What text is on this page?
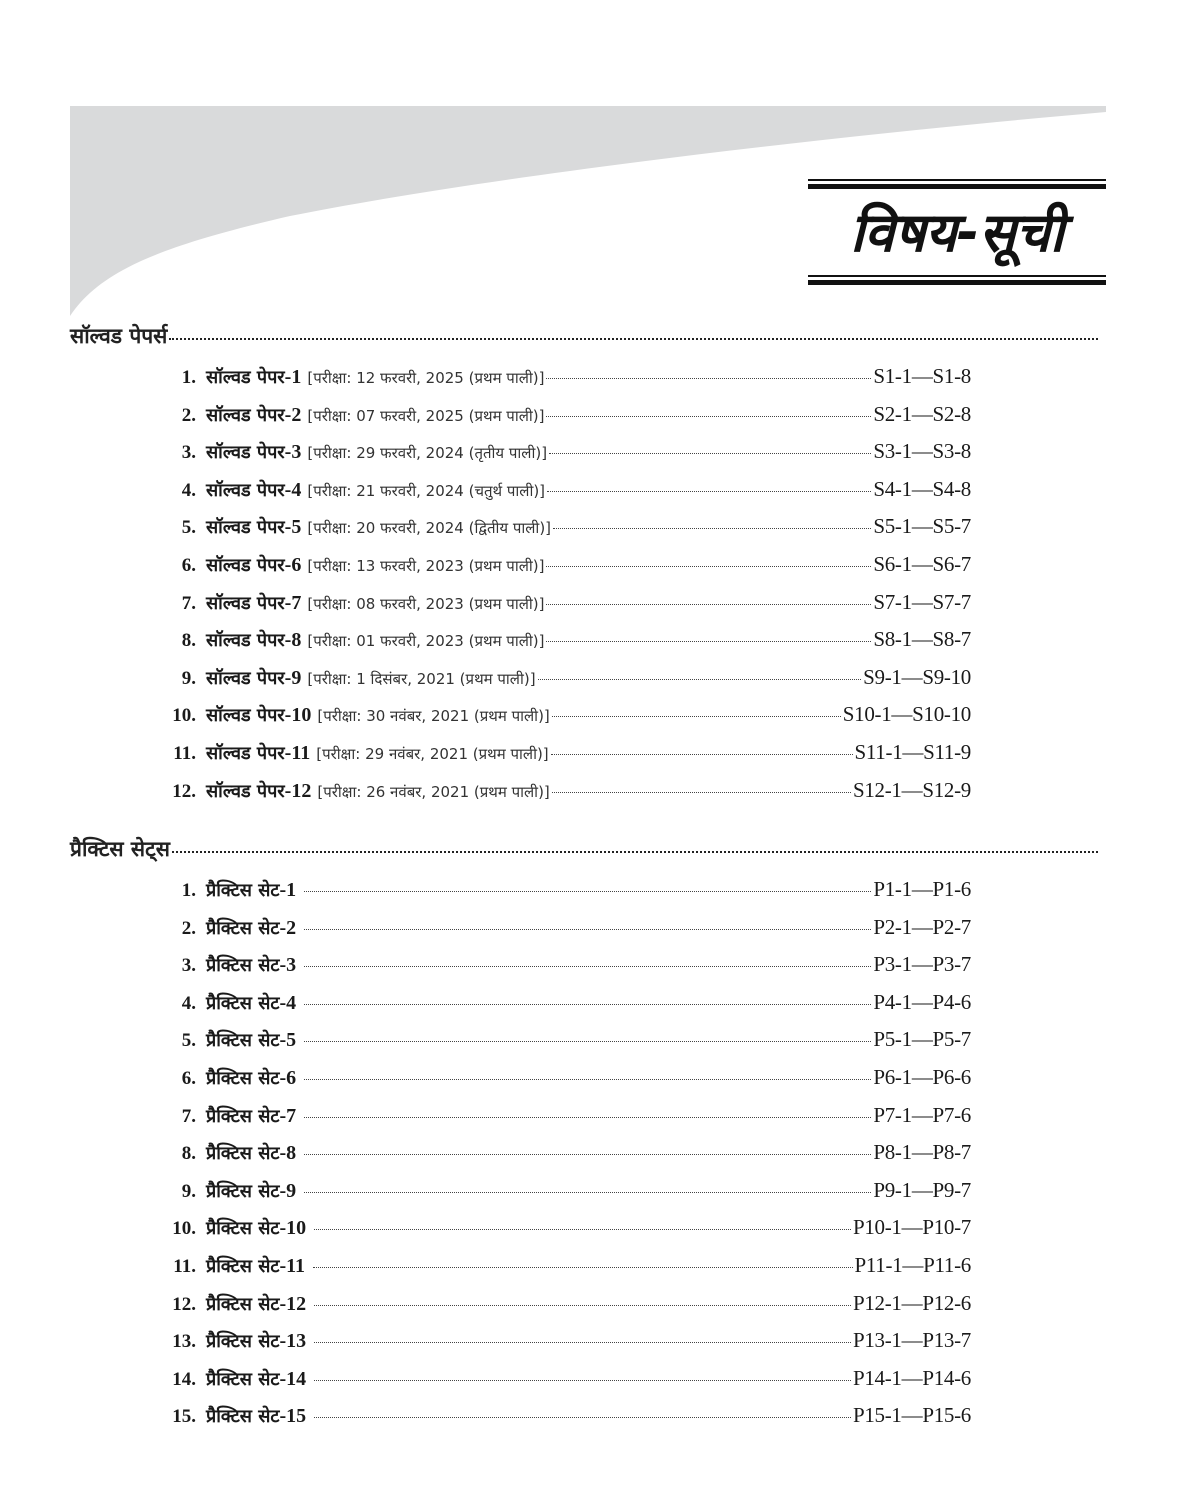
विषय-सूची
सॉल्वड पेपर्स
1. सॉल्वड पेपर-1 [परीक्षा: 12 फरवरी, 2025 (प्रथम पाली)]	S1-1—S1-8
2. सॉल्वड पेपर-2 [परीक्षा: 07 फरवरी, 2025 (प्रथम पाली)]	S2-1—S2-8
3. सॉल्वड पेपर-3 [परीक्षा: 29 फरवरी, 2024 (तृतीय पाली)]	S3-1—S3-8
4. सॉल्वड पेपर-4 [परीक्षा: 21 फरवरी, 2024 (चतुर्थ पाली)]	S4-1—S4-8
5. सॉल्वड पेपर-5 [परीक्षा: 20 फरवरी, 2024 (द्वितीय पाली)]	S5-1—S5-7
6. सॉल्वड पेपर-6 [परीक्षा: 13 फरवरी, 2023 (प्रथम पाली)]	S6-1—S6-7
7. सॉल्वड पेपर-7 [परीक्षा: 08 फरवरी, 2023 (प्रथम पाली)]	S7-1—S7-7
8. सॉल्वड पेपर-8 [परीक्षा: 01 फरवरी, 2023 (प्रथम पाली)]	S8-1—S8-7
9. सॉल्वड पेपर-9 [परीक्षा: 1 दिसंबर, 2021 (प्रथम पाली)]	S9-1—S9-10
10. सॉल्वड पेपर-10 [परीक्षा: 30 नवंबर, 2021 (प्रथम पाली)]	S10-1—S10-10
11. सॉल्वड पेपर-11 [परीक्षा: 29 नवंबर, 2021 (प्रथम पाली)]	S11-1—S11-9
12. सॉल्वड पेपर-12 [परीक्षा: 26 नवंबर, 2021 (प्रथम पाली)]	S12-1—S12-9
प्रैक्टिस सेट्स
1. प्रैक्टिस सेट-1	P1-1—P1-6
2. प्रैक्टिस सेट-2	P2-1—P2-7
3. प्रैक्टिस सेट-3	P3-1—P3-7
4. प्रैक्टिस सेट-4	P4-1—P4-6
5. प्रैक्टिस सेट-5	P5-1—P5-7
6. प्रैक्टिस सेट-6	P6-1—P6-6
7. प्रैक्टिस सेट-7	P7-1—P7-6
8. प्रैक्टिस सेट-8	P8-1—P8-7
9. प्रैक्टिस सेट-9	P9-1—P9-7
10. प्रैक्टिस सेट-10	P10-1—P10-7
11. प्रैक्टिस सेट-11	P11-1—P11-6
12. प्रैक्टिस सेट-12	P12-1—P12-6
13. प्रैक्टिस सेट-13	P13-1—P13-7
14. प्रैक्टिस सेट-14	P14-1—P14-6
15. प्रैक्टिस सेट-15	P15-1—P15-6
